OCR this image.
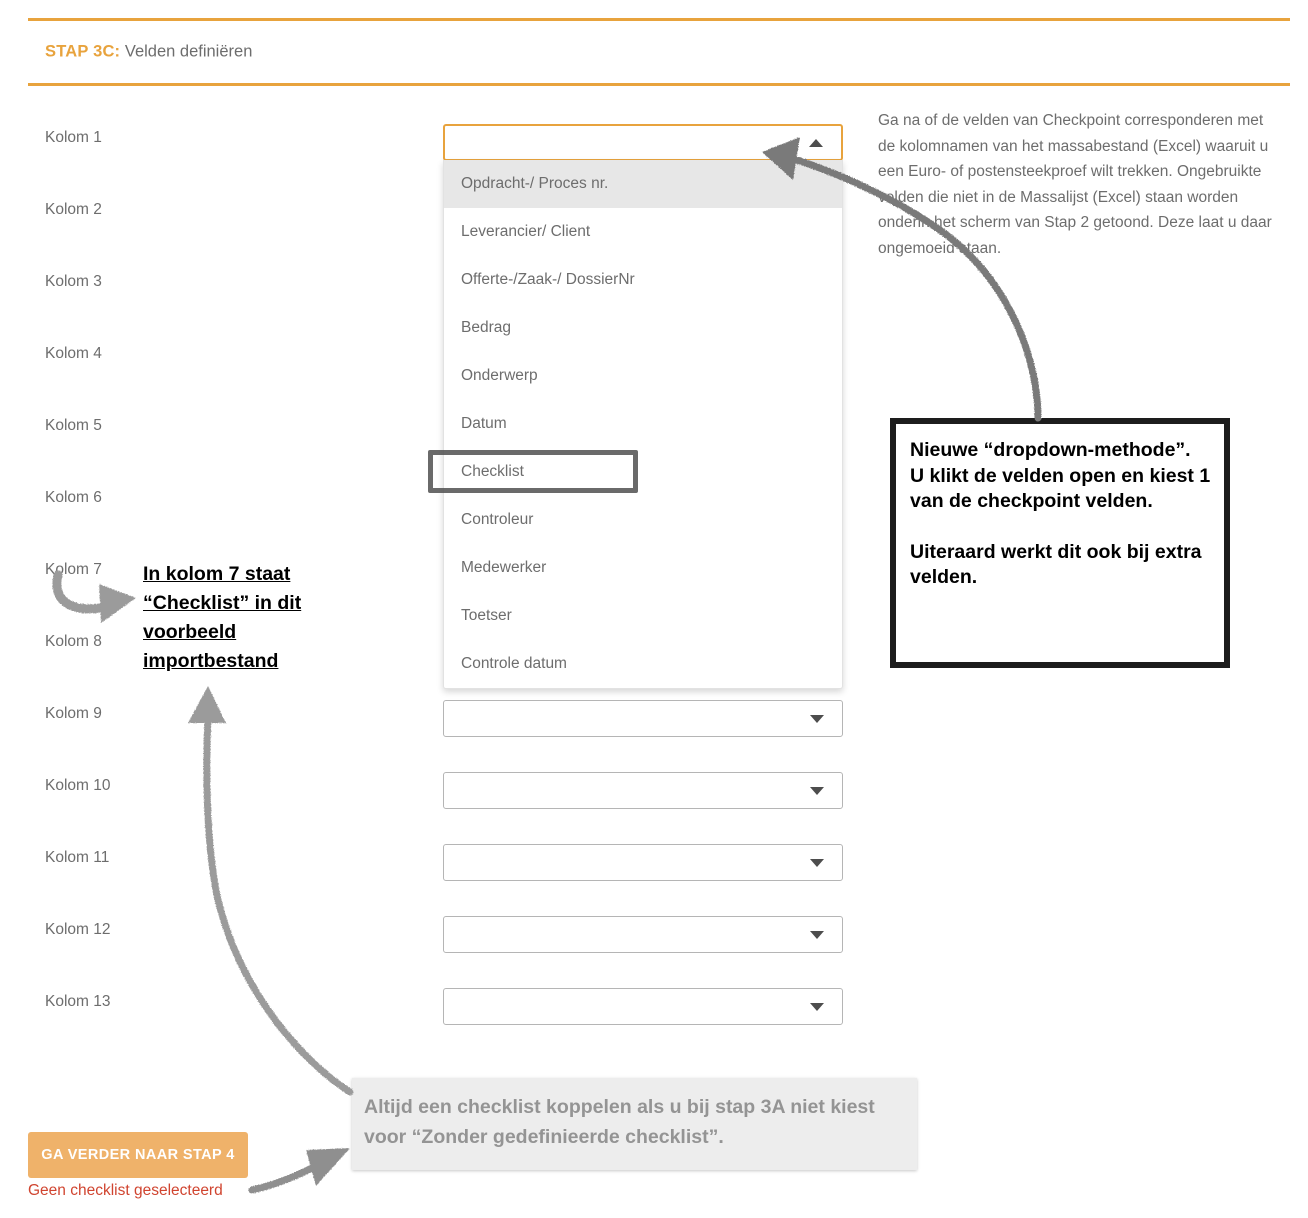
STAP 3C: Velden definiëren
Kolom 1
Kolom 2
Kolom 3
Kolom 4
Kolom 5
Kolom 6
Kolom 7
Kolom 8
Kolom 9
Kolom 10
Kolom 11
Kolom 12
Kolom 13
Opdracht-/ Proces nr.
Leverancier/ Client
Offerte-/Zaak-/ DossierNr
Bedrag
Onderwerp
Datum
Checklist
Controleur
Medewerker
Toetser
Controle datum
Ga na of de velden van Checkpoint corresponderen met de kolomnamen van het massabestand (Excel) waaruit u een Euro- of postensteekproef wilt trekken. Ongebruikte velden die niet in de Massalijst (Excel) staan worden onderin het scherm van Stap 2 getoond. Deze laat u daar ongemoeid staan.

Nieuwe “dropdown-methode”.

U klikt de velden open en kiest 1 van de checkpoint velden.

Uiteraard werkt dit ook bij extra velden.

In kolom 7 staat “Checklist” in dit voorbeeld importbestand

Altijd een checklist koppelen als u bij stap 3A niet kiest voor “Zonder gedefinieerde checklist”.

GA VERDER NAAR STAP 4
Geen checklist geselecteerd
